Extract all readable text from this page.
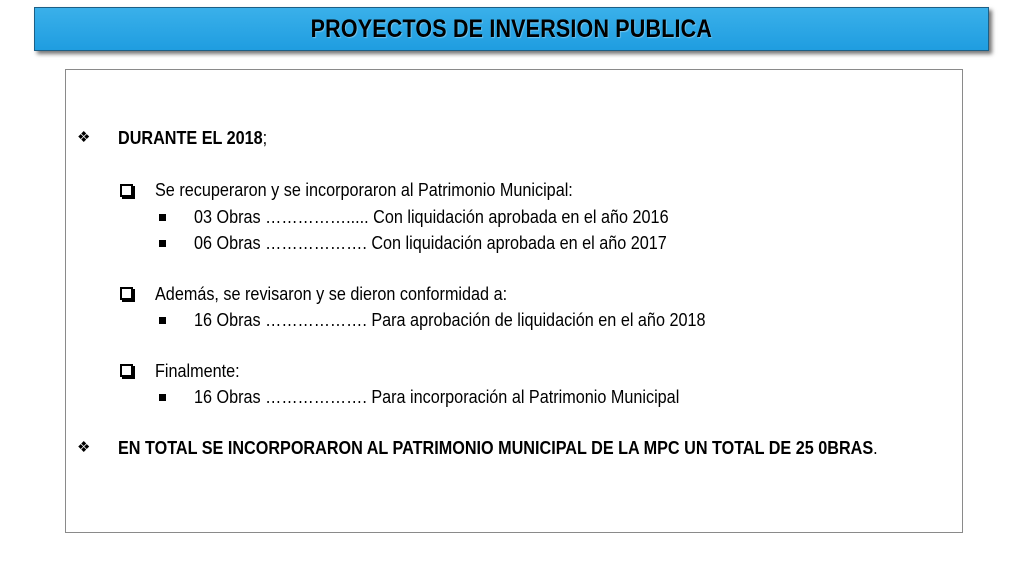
PROYECTOS DE INVERSION PUBLICA
❖ DURANTE EL 2018;
Se recuperaron y se incorporaron al Patrimonio Municipal:
03 Obras ……………..... Con liquidación aprobada en el año 2016
06 Obras ………………. Con liquidación aprobada en el año 2017
Además, se revisaron y se dieron conformidad a:
16 Obras ………………. Para aprobación de liquidación en el año 2018
Finalmente:
16 Obras ………………. Para incorporación al Patrimonio Municipal
❖ EN TOTAL SE INCORPORARON AL PATRIMONIO MUNICIPAL DE LA MPC UN TOTAL DE 25 0BRAS.
